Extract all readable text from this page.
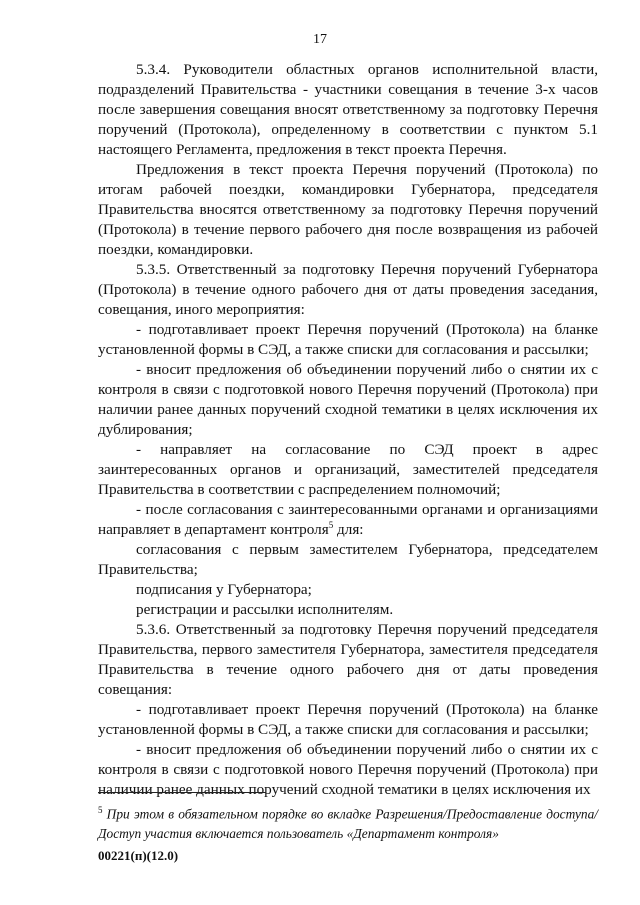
17

5.3.4. Руководители областных органов исполнительной власти, подразделений Правительства - участники совещания в течение 3-х часов после завершения совещания вносят ответственному за подготовку Перечня поручений (Протокола), определенному в соответствии с пунктом 5.1 настоящего Регламента, предложения в текст проекта Перечня.

Предложения в текст проекта Перечня поручений (Протокола) по итогам рабочей поездки, командировки Губернатора, председателя Правительства вносятся ответственному за подготовку Перечня поручений (Протокола) в течение первого рабочего дня после возвращения из рабочей поездки, командировки.

5.3.5. Ответственный за подготовку Перечня поручений Губернатора (Протокола) в течение одного рабочего дня от даты проведения заседания, совещания, иного мероприятия:

- подготавливает проект Перечня поручений (Протокола) на бланке установленной формы в СЭД, а также списки для согласования и рассылки;

- вносит предложения об объединении поручений либо о снятии их с контроля в связи с подготовкой нового Перечня поручений (Протокола) при наличии ранее данных поручений сходной тематики в целях исключения их дублирования;

- направляет на согласование по СЭД проект в адрес заинтересованных органов и организаций, заместителей председателя Правительства в соответствии с распределением полномочий;

- после согласования с заинтересованными органами и организациями направляет в департамент контроля$^5$ для:

согласования с первым заместителем Губернатора, председателем Правительства;

подписания у Губернатора;

регистрации и рассылки исполнителям.

5.3.6. Ответственный за подготовку Перечня поручений председателя Правительства, первого заместителя Губернатора, заместителя председателя Правительства в течение одного рабочего дня от даты проведения совещания:

- подготавливает проект Перечня поручений (Протокола) на бланке установленной формы в СЭД, а также списки для согласования и рассылки;

- вносит предложения об объединении поручений либо о снятии их с контроля в связи с подготовкой нового Перечня поручений (Протокола) при наличии ранее данных поручений сходной тематики в целях исключения их

$^5$ При этом в обязательном порядке во вкладке Разрешения/Предоставление доступа/Доступ участия включается пользователь «Департамент контроля»
00221(п)(12.0)
